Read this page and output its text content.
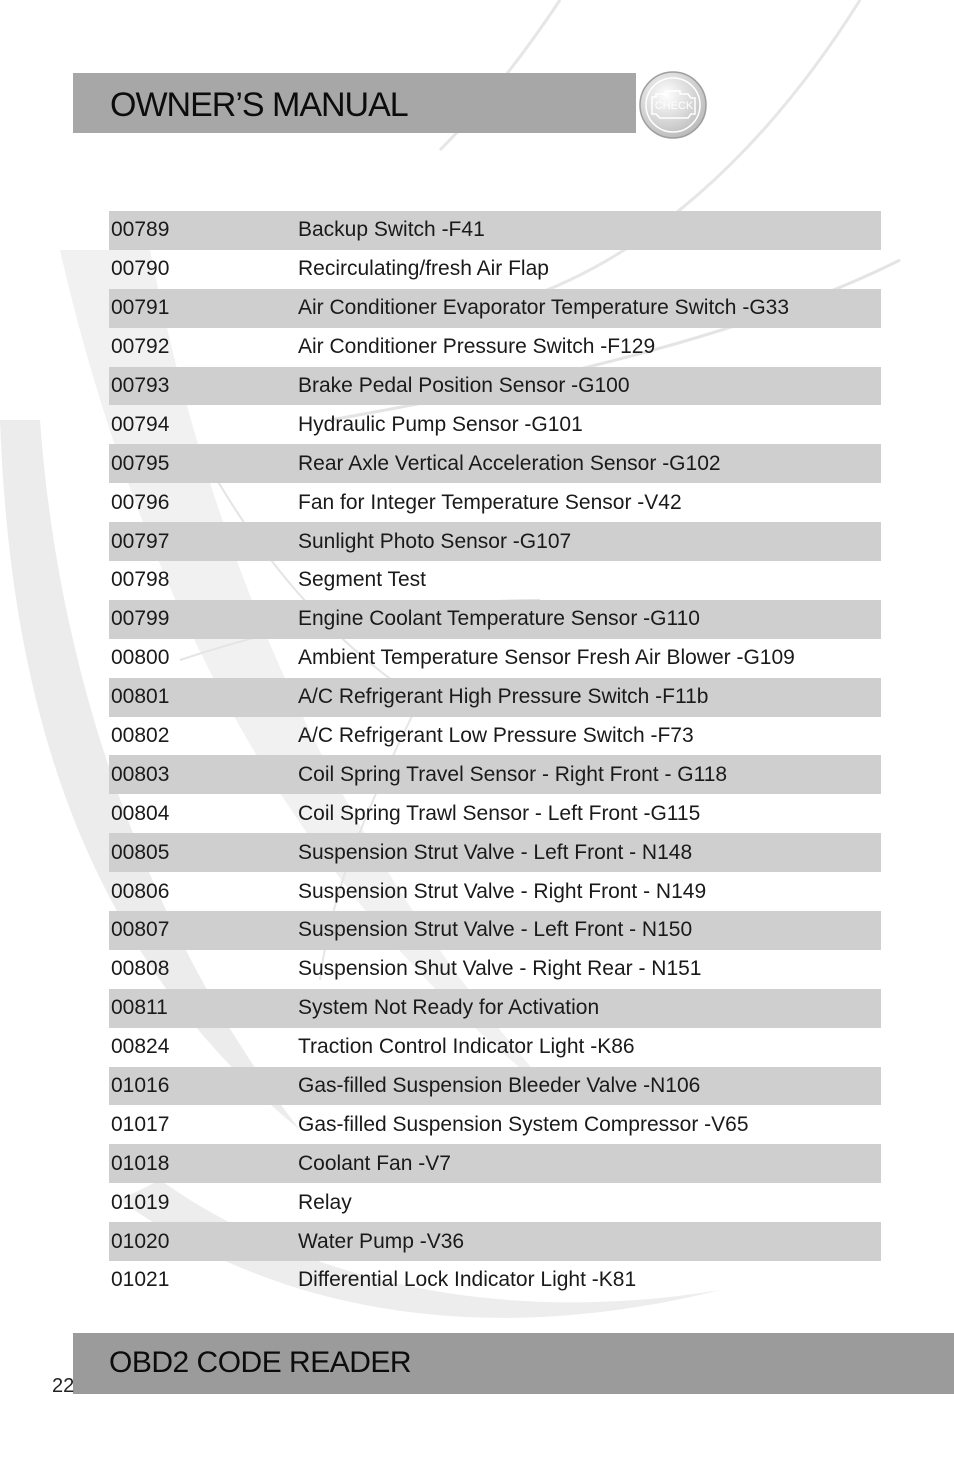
OWNER’S MANUAL	CHECK
00789	Backup Switch -F41
00790	Recirculating/fresh Air Flap
00791	Air Conditioner Evaporator Temperature Switch -G33
00792	Air Conditioner Pressure Switch -F129
00793	Brake Pedal Position Sensor -G100
00794	Hydraulic Pump Sensor -G101
00795	Rear Axle Vertical Acceleration Sensor -G102
00796	Fan for Integer Temperature Sensor -V42
00797	Sunlight Photo Sensor -G107
00798	Segment Test
00799	Engine Coolant Temperature Sensor -G110
00800	Ambient Temperature Sensor Fresh Air Blower -G109
00801	A/C Refrigerant High Pressure Switch -F11b
00802	A/C Refrigerant Low Pressure Switch -F73
00803	Coil Spring Travel Sensor - Right Front - G118
00804	Coil Spring Trawl Sensor - Left Front -G115
00805	Suspension Strut Valve - Left Front - N148
00806	Suspension Strut Valve - Right Front - N149
00807	Suspension Strut Valve - Left Front - N150
00808	Suspension Shut Valve - Right Rear - N151
00811	System Not Ready for Activation
00824	Traction Control Indicator Light -K86
01016	Gas-filled Suspension Bleeder Valve -N106
01017	Gas-filled Suspension System Compressor -V65
01018	Coolant Fan -V7
01019	Relay
01020	Water Pump -V36
01021	Differential Lock Indicator Light -K81
OBD2 CODE READER
22
